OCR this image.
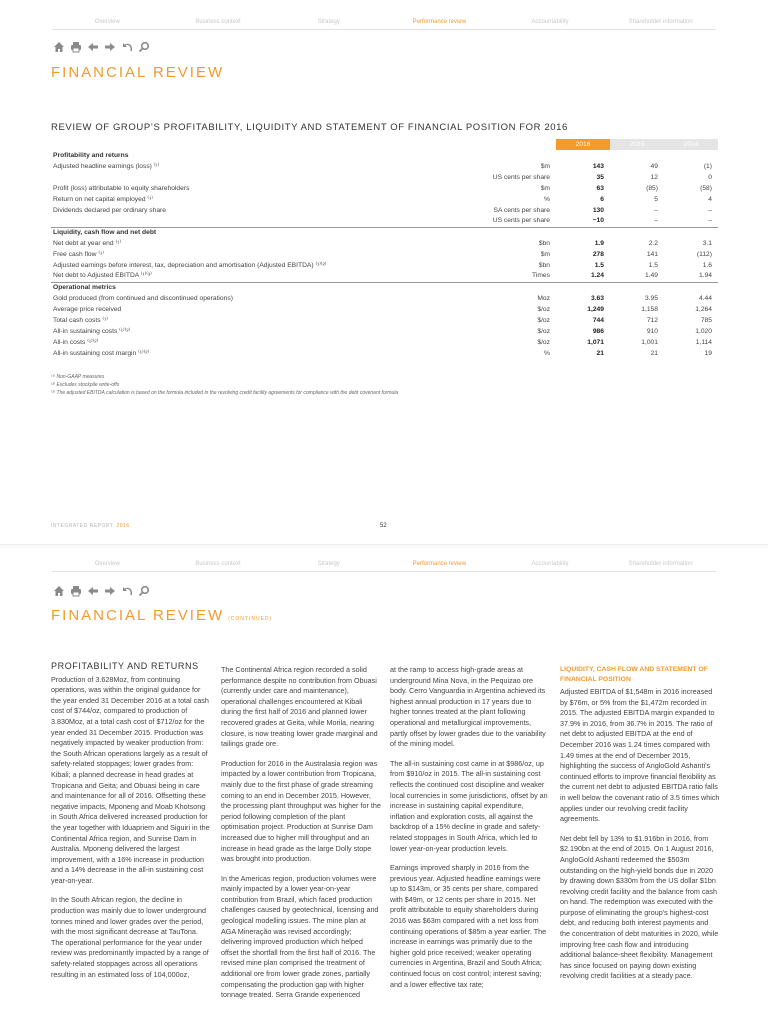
Overview	Business context	Strategy	Performance review	Accountability	Shareholder information
FINANCIAL REVIEW
REVIEW OF GROUP’S PROFITABILITY, LIQUIDITY AND STATEMENT OF FINANCIAL POSITION FOR 2016
		2016	2015	2014
Profitability and returns				
Adjusted headline earnings (loss) ⁽¹⁾	$m	143	49	(1)
	US cents per share	35	12	0
Profit (loss) attributable to equity shareholders	$m	63	(85)	(58)
Return on net capital employed ⁽¹⁾	%	6	5	4
Dividends declared per ordinary share	SA cents per share	130	–	–
	US cents per share	~10	–	–
Liquidity, cash flow and net debt				
Net debt at year end ⁽¹⁾	$bn	1.9	2.2	3.1
Free cash flow ⁽¹⁾	$m	278	141	(112)
Adjusted earnings before interest, tax, depreciation and amortisation (Adjusted EBITDA) ⁽¹⁾⁽²⁾	$bn	1.5	1.5	1.6
Net debt to Adjusted EBITDA ⁽¹⁾⁽³⁾	Times	1.24	1.49	1.94
Operational metrics				
Gold produced (from continued and discontinued operations)	Moz	3.63	3.95	4.44
Average price received	$/oz	1,249	1,158	1,264
Total cash costs ⁽¹⁾	$/oz	744	712	785
All-in sustaining costs ⁽¹⁾⁽²⁾	$/oz	986	910	1,020
All-in costs ⁽¹⁾⁽²⁾	$/oz	1,071	1,001	1,114
All-in sustaining cost margin ⁽¹⁾⁽²⁾	%	21	21	19

⁽¹⁾ Non-GAAP measures

⁽²⁾ Excludes stockpile write-offs

⁽³⁾ The adjusted EBITDA calculation is based on the formula included in the revolving credit facility agreements for compliance with the debt covenant formula

INTEGRATED REPORT 2016	52
Overview	Business context	Strategy	Performance review	Accountability	Shareholder information
FINANCIAL REVIEW (CONTINUED)
PROFITABILITY AND RETURNS

Production of 3.628Moz, from continuing operations, was within the original guidance for the year ended 31 December 2016 at a total cash cost of $744/oz, compared to production of 3.830Moz, at a total cash cost of $712/oz for the year ended 31 December 2015. Production was negatively impacted by weaker production from: the South African operations largely as a result of safety-related stoppages; lower grades from: Kibali; a planned decrease in head grades at Tropicana and Geita; and Obuasi being in care and maintenance for all of 2016. Offsetting these negative impacts, Mponeng and Moab Khotsong in South Africa delivered increased production for the year together with Iduapriem and Siguiri in the Continental Africa region, and Sunrise Dam in Australia. Mponeng delivered the largest improvement, with a 16% increase in production and a 14% decrease in the all-in sustaining cost year-on-year.

In the South African region, the decline in production was mainly due to lower underground tonnes mined and lower grades over the period, with the most significant decrease at TauTona. The operational performance for the year under review was predominantly impacted by a range of safety-related stoppages across all operations resulting in an estimated loss of 104,000oz,

The Continental Africa region recorded a solid performance despite no contribution from Obuasi (currently under care and maintenance), operational challenges encountered at Kibali during the first half of 2016 and planned lower recovered grades at Geita, while Morila, nearing closure, is now treating lower grade marginal and tailings grade ore.

Production for 2016 in the Australasia region was impacted by a lower contribution from Tropicana, mainly due to the first phase of grade streaming coming to an end in December 2015. However, the processing plant throughput was higher for the period following completion of the plant optimisation project. Production at Sunrise Dam increased due to higher mill throughput and an increase in head grade as the large Dolly stope was brought into production.

In the Americas region, production volumes were mainly impacted by a lower year-on-year contribution from Brazil, which faced production challenges caused by geotechnical, licensing and geological modelling issues. The mine plan at AGA Mineração was revised accordingly; delivering improved production which helped offset the shortfall from the first half of 2016. The revised mine plan comprised the treatment of additional ore from lower grade zones, partially compensating the production gap with higher tonnage treated. Serra Grande experienced

at the ramp to access high-grade areas at underground Mina Nova, in the Pequizao ore body. Cerro Vanguardia in Argentina achieved its highest annual production in 17 years due to higher tonnes treated at the plant following operational and metallurgical improvements, partly offset by lower grades due to the variability of the mining model.

The all-in sustaining cost came in at $986/oz, up from $910/oz in 2015. The all-in sustaining cost reflects the continued cost discipline and weaker local currencies in some jurisdictions, offset by an increase in sustaining capital expenditure, inflation and exploration costs, all against the backdrop of a 15% decline in grade and safety-related stoppages in South Africa, which led to lower year-on-year production levels.

Earnings improved sharply in 2016 from the previous year. Adjusted headline earnings were up to $143m, or 35 cents per share, compared with $49m, or 12 cents per share in 2015. Net profit attributable to equity shareholders during 2016 was $63m compared with a net loss from continuing operations of $85m a year earlier. The increase in earnings was primarily due to the higher gold price received; weaker operating currencies in Argentina, Brazil and South Africa; continued focus on cost control; interest saving; and a lower effective tax rate;

LIQUIDITY, CASH FLOW AND STATEMENT OF FINANCIAL POSITION

Adjusted EBITDA of $1,548m in 2016 increased by $76m, or 5% from the $1,472m recorded in 2015. The adjusted EBITDA margin expanded to 37.9% in 2016, from 36.7% in 2015. The ratio of net debt to adjusted EBITDA at the end of December 2016 was 1.24 times compared with 1.49 times at the end of December 2015, highlighting the success of AngloGold Ashanti’s continued efforts to improve financial flexibility as the current net debt to adjusted EBITDA ratio falls in well below the covenant ratio of 3.5 times which applies under our revolving credit facility agreements.

Net debt fell by 13% to $1.916bn in 2016, from $2.190bn at the end of 2015. On 1 August 2016, AngloGold Ashanti redeemed the $503m outstanding on the high-yield bonds due in 2020 by drawing down $330m from the US dollar $1bn revolving credit facility and the balance from cash on hand. The redemption was executed with the purpose of eliminating the group’s highest-cost debt, and reducing both interest payments and the concentration of debt maturities in 2020, while improving free cash flow and introducing additional balance-sheet flexibility. Management has since focused on paying down existing revolving credit facilities at a steady pace.
